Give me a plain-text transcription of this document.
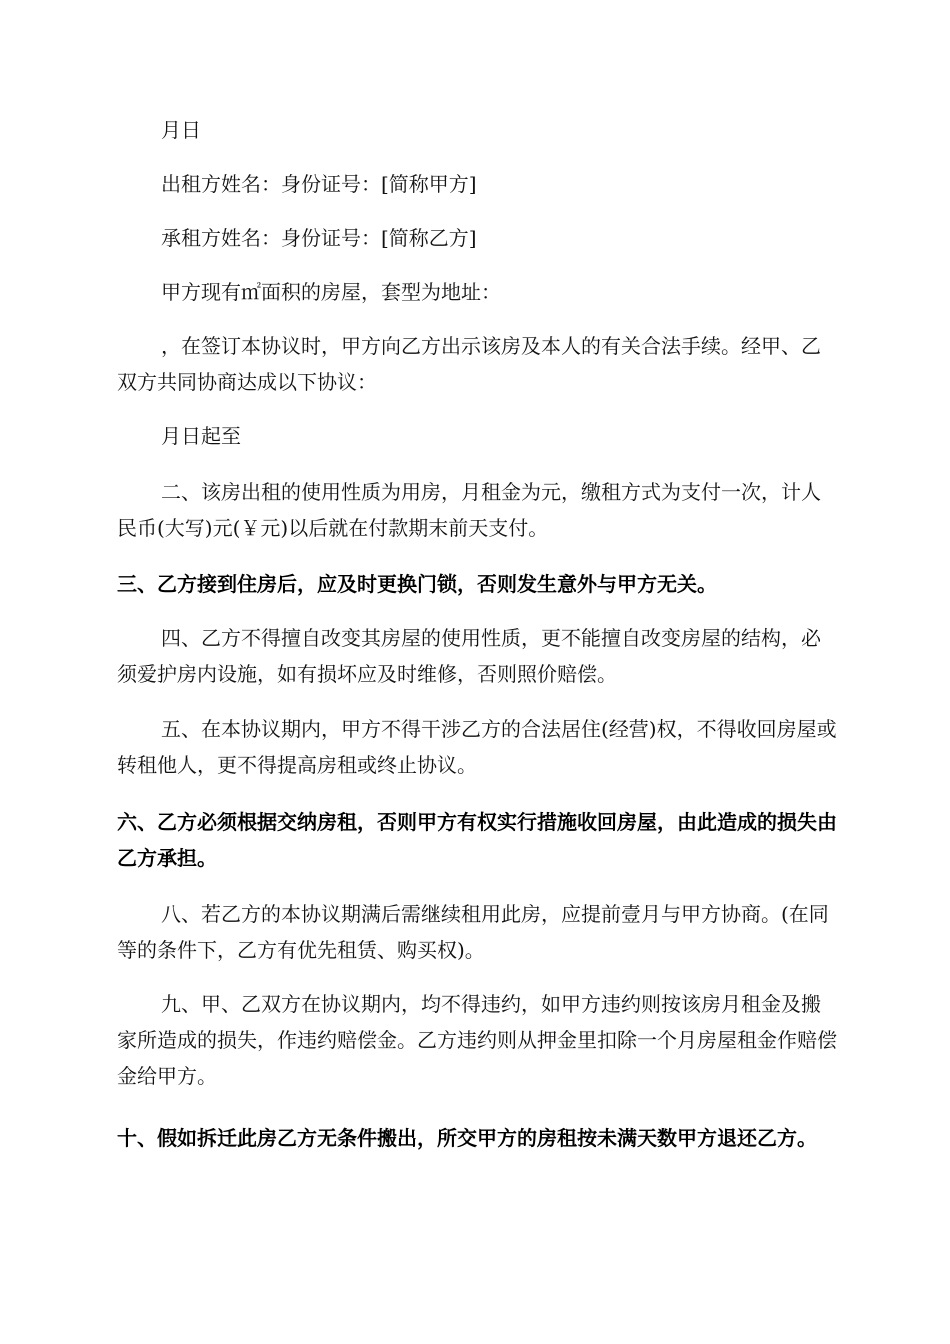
月日

出租方姓名：身份证号：[简称甲方]

承租方姓名：身份证号：[简称乙方]

甲方现有㎡面积的房屋，套型为地址：

，在签订本协议时，甲方向乙方出示该房及本人的有关合法手续。经甲、乙双方共同协商达成以下协议：

月日起至

二、该房出租的使用性质为用房，月租金为元，缴租方式为支付一次，计人民币(大写)元(￥元)以后就在付款期末前天支付。

三、乙方接到住房后，应及时更换门锁，否则发生意外与甲方无关。

四、乙方不得擅自改变其房屋的使用性质，更不能擅自改变房屋的结构，必须爱护房内设施，如有损坏应及时维修，否则照价赔偿。

五、在本协议期内，甲方不得干涉乙方的合法居住(经营)权，不得收回房屋或转租他人，更不得提高房租或终止协议。

六、乙方必须根据交纳房租，否则甲方有权实行措施收回房屋，由此造成的损失由乙方承担。

八、若乙方的本协议期满后需继续租用此房，应提前壹月与甲方协商。(在同等的条件下，乙方有优先租赁、购买权)。

九、甲、乙双方在协议期内，均不得违约，如甲方违约则按该房月租金及搬家所造成的损失，作违约赔偿金。乙方违约则从押金里扣除一个月房屋租金作赔偿金给甲方。

十、假如拆迁此房乙方无条件搬出，所交甲方的房租按未满天数甲方退还乙方。
